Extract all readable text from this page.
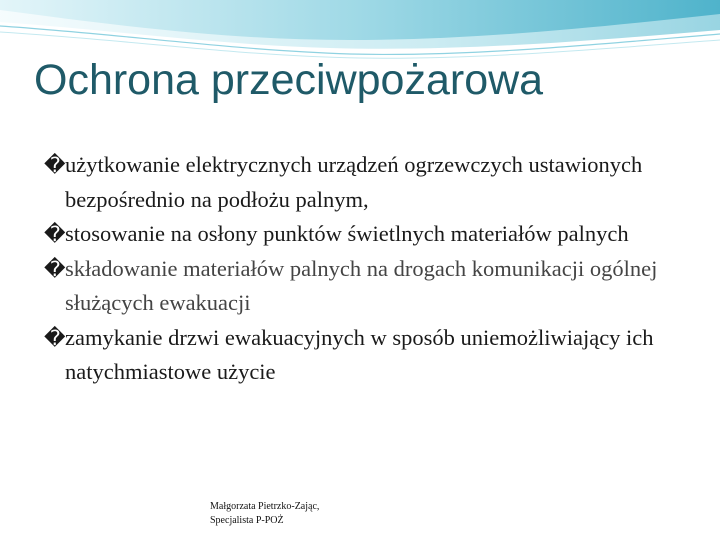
Ochrona przeciwpożarowa
� użytkowanie elektrycznych urządzeń ogrzewczych ustawionych bezpośrednio na podłożu palnym,
� stosowanie na osłony punktów świetlnych materiałów palnych
� składowanie materiałów palnych na drogach komunikacji ogólnej służących ewakuacji
� zamykanie drzwi ewakuacyjnych w sposób uniemożliwiający ich natychmiastowe użycie
Małgorzata Pietrzko-Zając,
Specjalista P-POŻ
